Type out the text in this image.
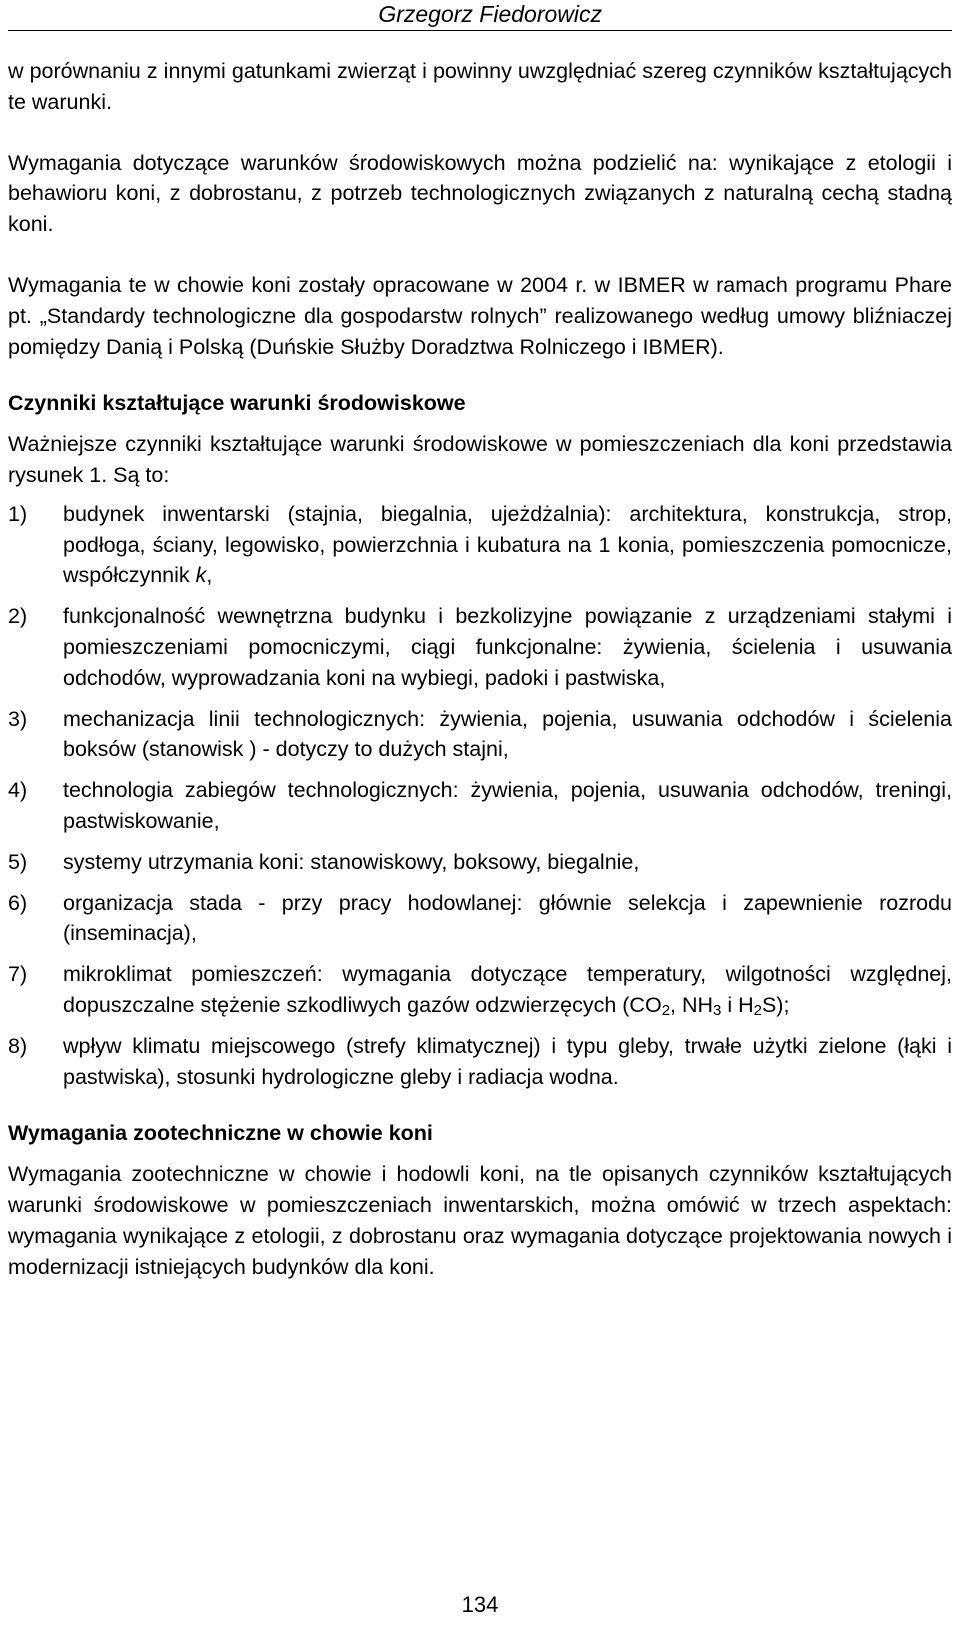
Grzegorz Fiedorowicz

w porównaniu z innymi gatunkami zwierząt i powinny uwzględniać szereg czynników kształtujących te warunki.

Wymagania dotyczące warunków środowiskowych można podzielić na: wynikające z etologii i behawioru koni, z dobrostanu, z potrzeb technologicznych związanych z naturalną cechą stadną koni.

Wymagania te w chowie koni zostały opracowane w 2004 r. w IBMER w ramach programu Phare pt. „Standardy technologiczne dla gospodarstw rolnych” realizowanego według umowy bliźniaczej pomiędzy Danią i Polską (Duńskie Służby Doradztwa Rolniczego i IBMER).

Czynniki kształtujące warunki środowiskowe

Ważniejsze czynniki kształtujące warunki środowiskowe w pomieszczeniach dla koni przedstawia rysunek 1. Są to:

1) budynek inwentarski (stajnia, biegalnia, ujeżdżalnia): architektura, konstrukcja, strop, podłoga, ściany, legowisko, powierzchnia i kubatura na 1 konia, pomieszczenia pomocnicze, współczynnik k,
2) funkcjonalność wewnętrzna budynku i bezkolizyjne powiązanie z urządzeniami stałymi i pomieszczeniami pomocniczymi, ciągi funkcjonalne: żywienia, ścielenia i usuwania odchodów, wyprowadzania koni na wybiegi, padoki i pastwiska,
3) mechanizacja linii technologicznych: żywienia, pojenia, usuwania odchodów i ścielenia boksów (stanowisk ) - dotyczy to dużych stajni,
4) technologia zabiegów technologicznych: żywienia, pojenia, usuwania odchodów, treningi, pastwiskowanie,
5) systemy utrzymania koni: stanowiskowy, boksowy, biegalnie,
6) organizacja stada - przy pracy hodowlanej: głównie selekcja i zapewnienie rozrodu (inseminacja),
7) mikroklimat pomieszczeń: wymagania dotyczące temperatury, wilgotności względnej, dopuszczalne stężenie szkodliwych gazów odzwierzęcych ($CO_2$, $NH_3$ i $H_2S$);
8) wpływ klimatu miejscowego (strefy klimatycznej) i typu gleby, trwałe użytki zielone (łąki i pastwiska), stosunki hydrologiczne gleby i radiacja wodna.
Wymagania zootechniczne w chowie koni

Wymagania zootechniczne w chowie i hodowli koni, na tle opisanych czynników kształtujących warunki środowiskowe w pomieszczeniach inwentarskich, można omówić w trzech aspektach: wymagania wynikające z etologii, z dobrostanu oraz wymagania dotyczące projektowania nowych i modernizacji istniejących budynków dla koni.

134
